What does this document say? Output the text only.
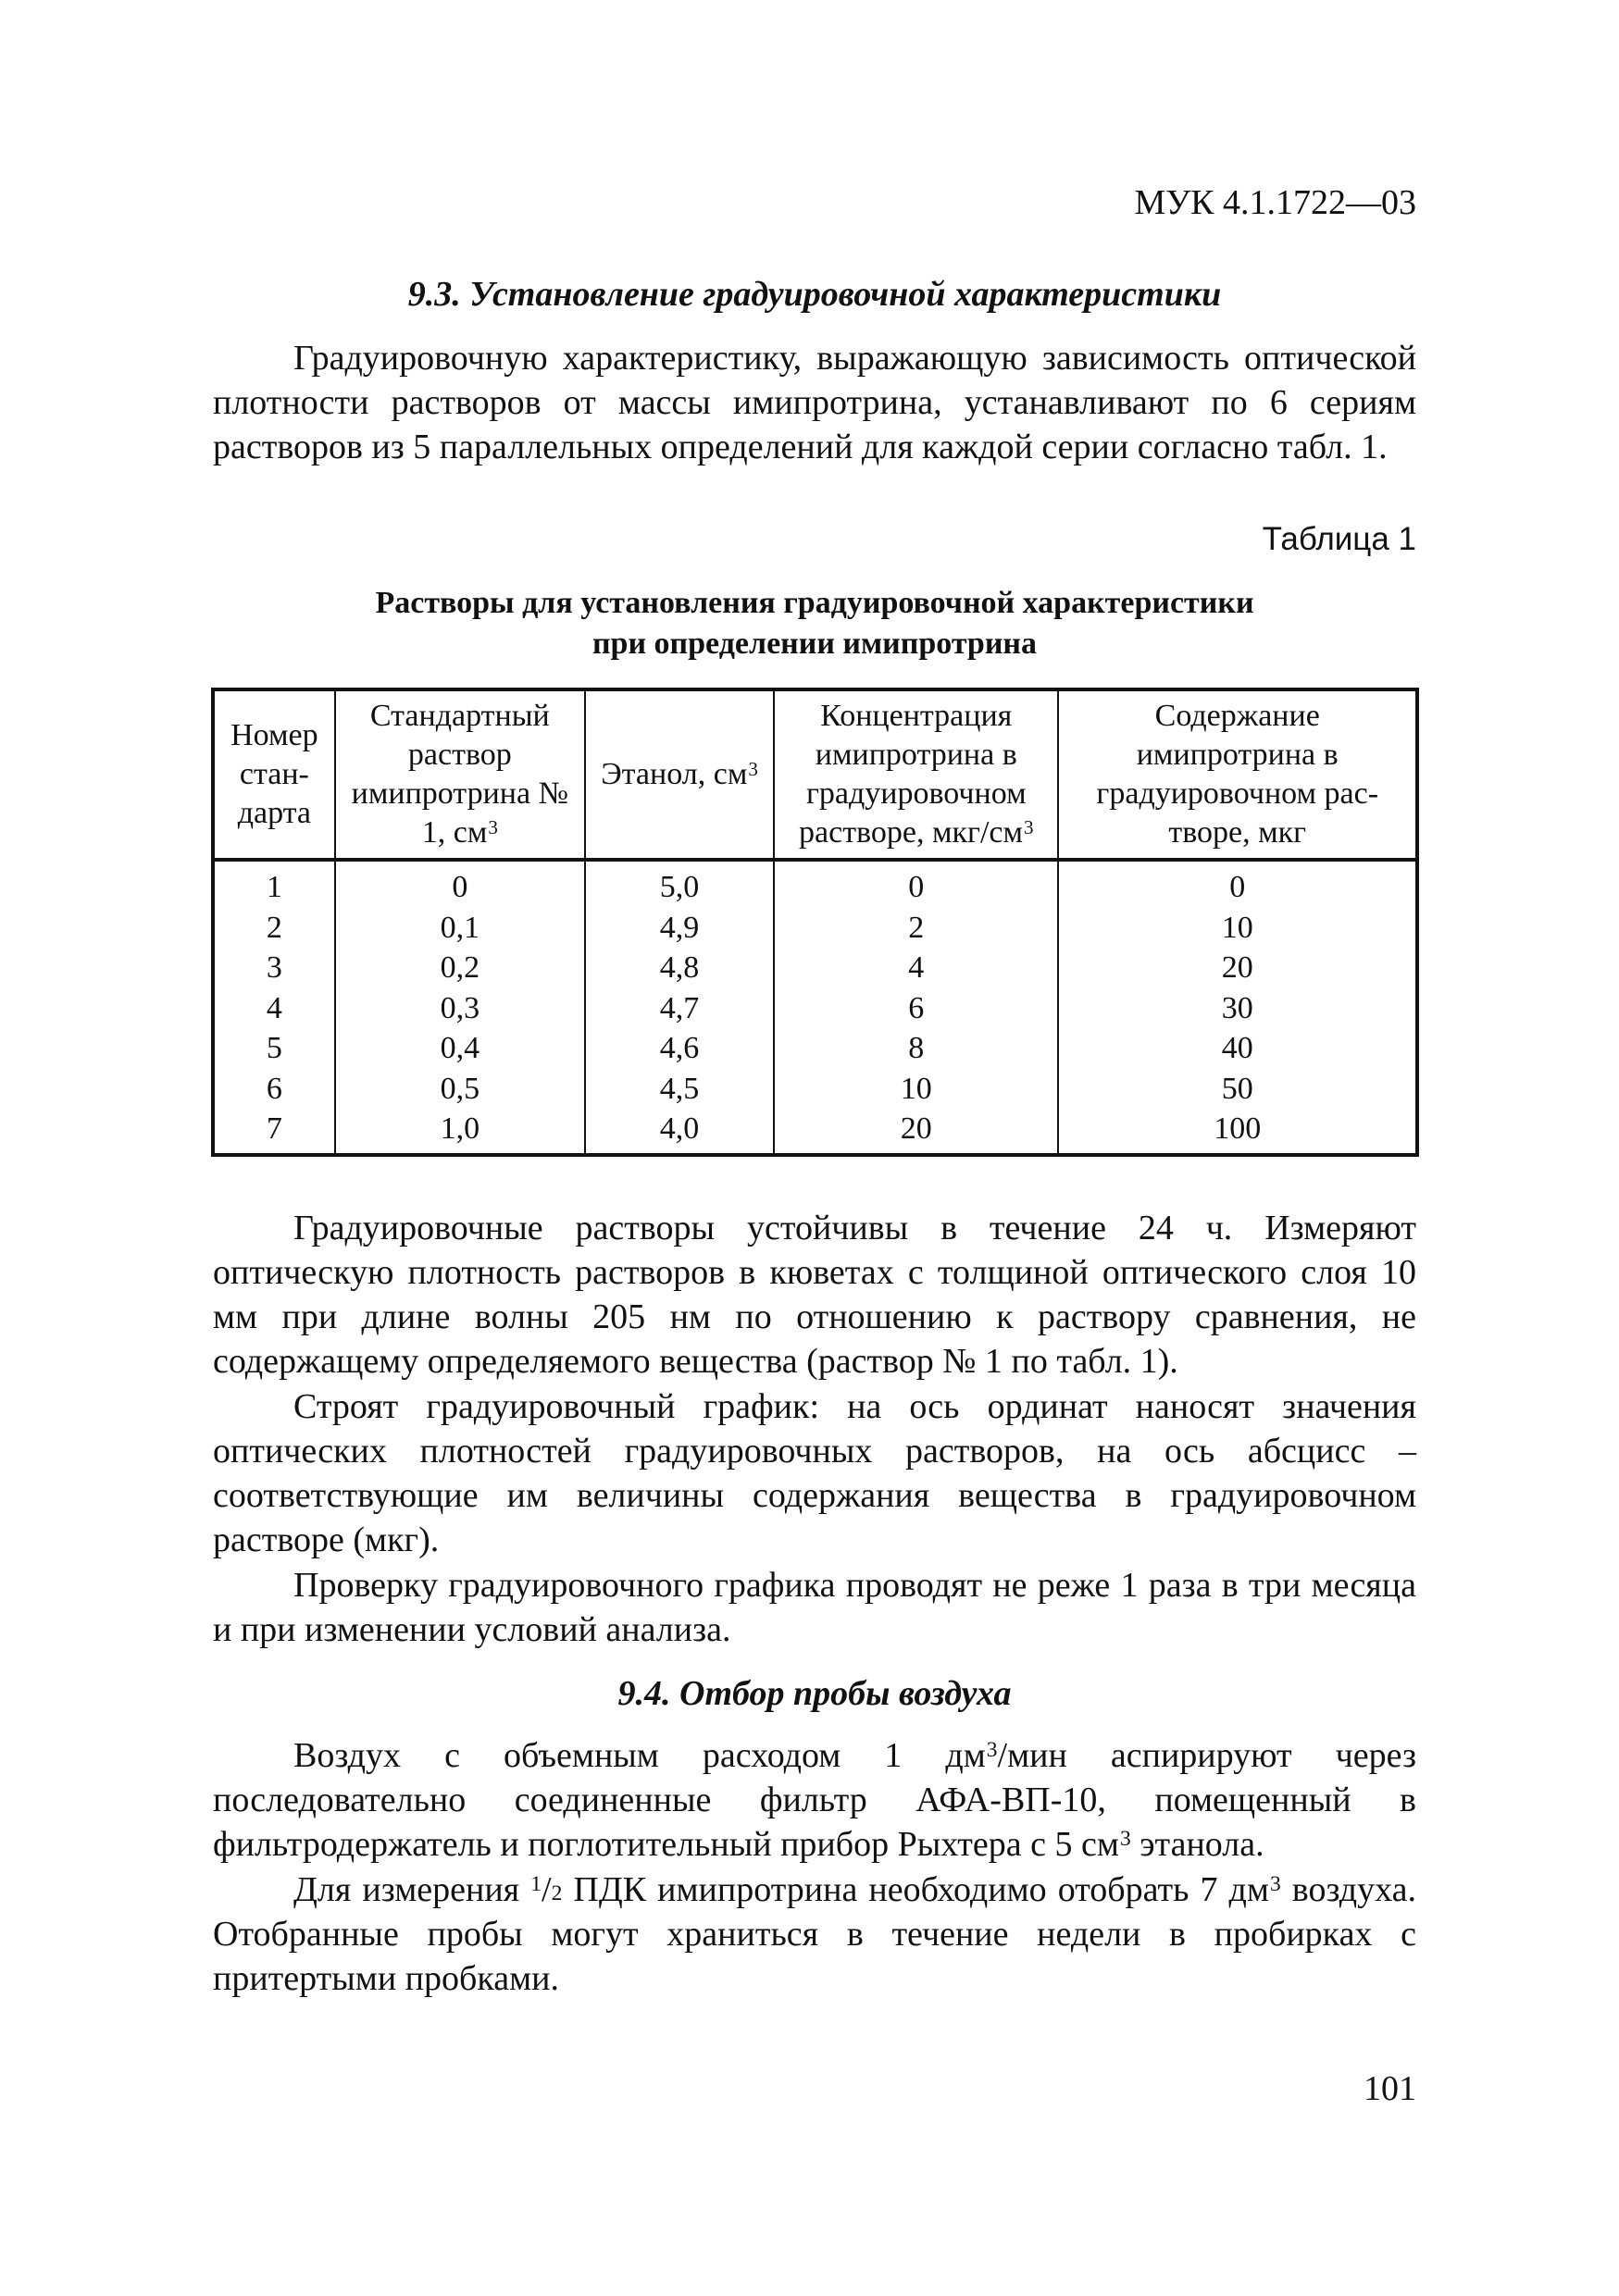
МУК 4.1.1722—03
9.3. Установление градуировочной характеристики
Градуировочную характеристику, выражающую зависимость оптической плотности растворов от массы имипротрина, устанавливают по 6 сериям растворов из 5 параллельных определений для каждой серии согласно табл. 1.
Таблица 1
Растворы для установления градуировочной характеристики
при определении имипротрина
Номер стан-дарта	Стандартный раствор имипротрина № 1, $см^3$	Этанол, $см^3$	Концентрация имипротрина в градуировочном растворе, мкг/$см^3$	Содержание имипротрина в градуировочном рас-творе, мкг
1	0	5,0	0	0
2	0,1	4,9	2	10
3	0,2	4,8	4	20
4	0,3	4,7	6	30
5	0,4	4,6	8	40
6	0,5	4,5	10	50
7	1,0	4,0	20	100
Градуировочные растворы устойчивы в течение 24 ч. Измеряют оптическую плотность растворов в кюветах с толщиной оптического слоя 10 мм при длине волны 205 нм по отношению к раствору сравнения, не содержащему определяемого вещества (раствор № 1 по табл. 1).
Строят градуировочный график: на ось ординат наносят значения оптических плотностей градуировочных растворов, на ось абсцисс – соответствующие им величины содержания вещества в градуировочном растворе (мкг).
Проверку градуировочного графика проводят не реже 1 раза в три месяца и при изменении условий анализа.
9.4. Отбор пробы воздуха
Воздух с объемным расходом 1 $дм^3$/мин аспирируют через последовательно соединенные фильтр АФА-ВП-10, помещенный в фильтродержатель и поглотительный прибор Рыхтера с 5 $см^3$ этанола.
Для измерения $^1/_2$ ПДК имипротрина необходимо отобрать 7 $дм^3$ воздуха. Отобранные пробы могут храниться в течение недели в пробирках с притертыми пробками.
101
